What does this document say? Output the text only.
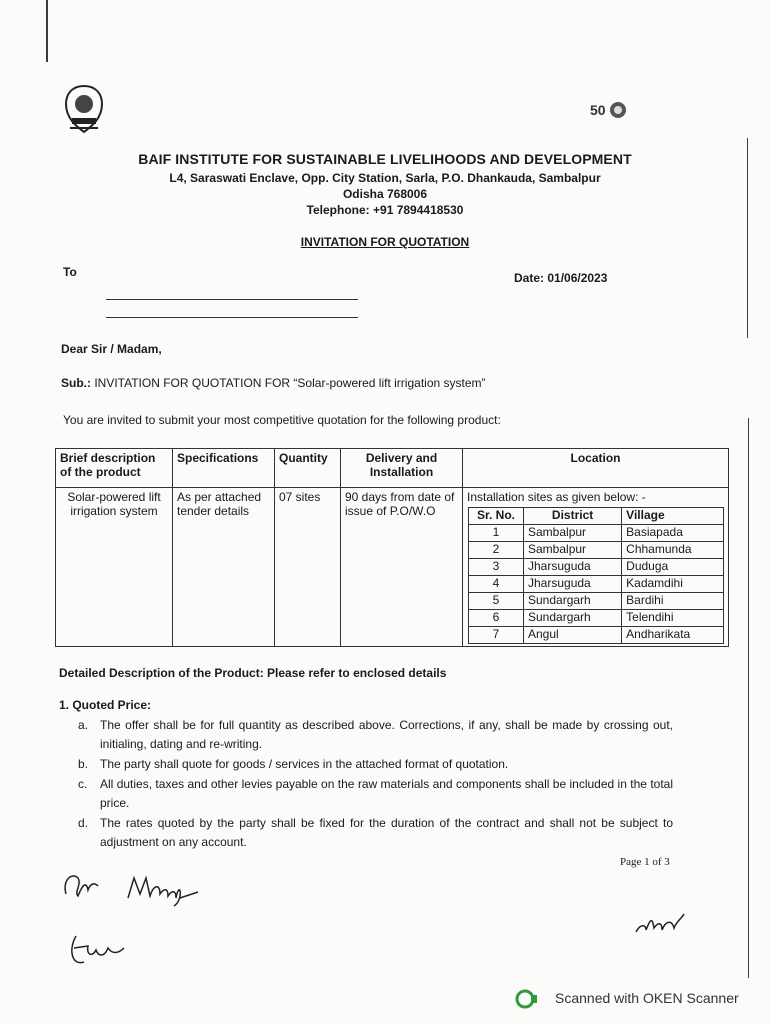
50
BAIF INSTITUTE FOR SUSTAINABLE LIVELIHOODS AND DEVELOPMENT
L4, Saraswati Enclave, Opp. City Station, Sarla, P.O. Dhankauda, Sambalpur
Odisha 768006
Telephone: +91 7894418530
INVITATION FOR QUOTATION
To	Date: 01/06/2023
Dear Sir / Madam,
Sub.: INVITATION FOR QUOTATION FOR “Solar-powered lift irrigation system”
You are invited to submit your most competitive quotation for the following product:
Brief description of the product	Specifications	Quantity	Delivery and Installation	Location
Solar-powered lift irrigation system	As per attached tender details	07 sites	90 days from date of issue of P.O/W.O	
Installation sites as given below: -
Sr. No.	District	Village
1	Sambalpur	Basiapada
2	Sambalpur	Chhamunda
3	Jharsuguda	Duduga
4	Jharsuguda	Kadamdihi
5	Sundargarh	Bardihi
6	Sundargarh	Telendihi
7	Angul	Andharikata
Detailed Description of the Product: Please refer to enclosed details
1. Quoted Price:
a. The offer shall be for full quantity as described above. Corrections, if any, shall be made by crossing out, initialing, dating and re-writing.
b. The party shall quote for goods / services in the attached format of quotation.
c. All duties, taxes and other levies payable on the raw materials and components shall be included in the total price.
d. The rates quoted by the party shall be fixed for the duration of the contract and shall not be subject to adjustment on any account.
Page 1 of 3
Scanned with OKEN Scanner
